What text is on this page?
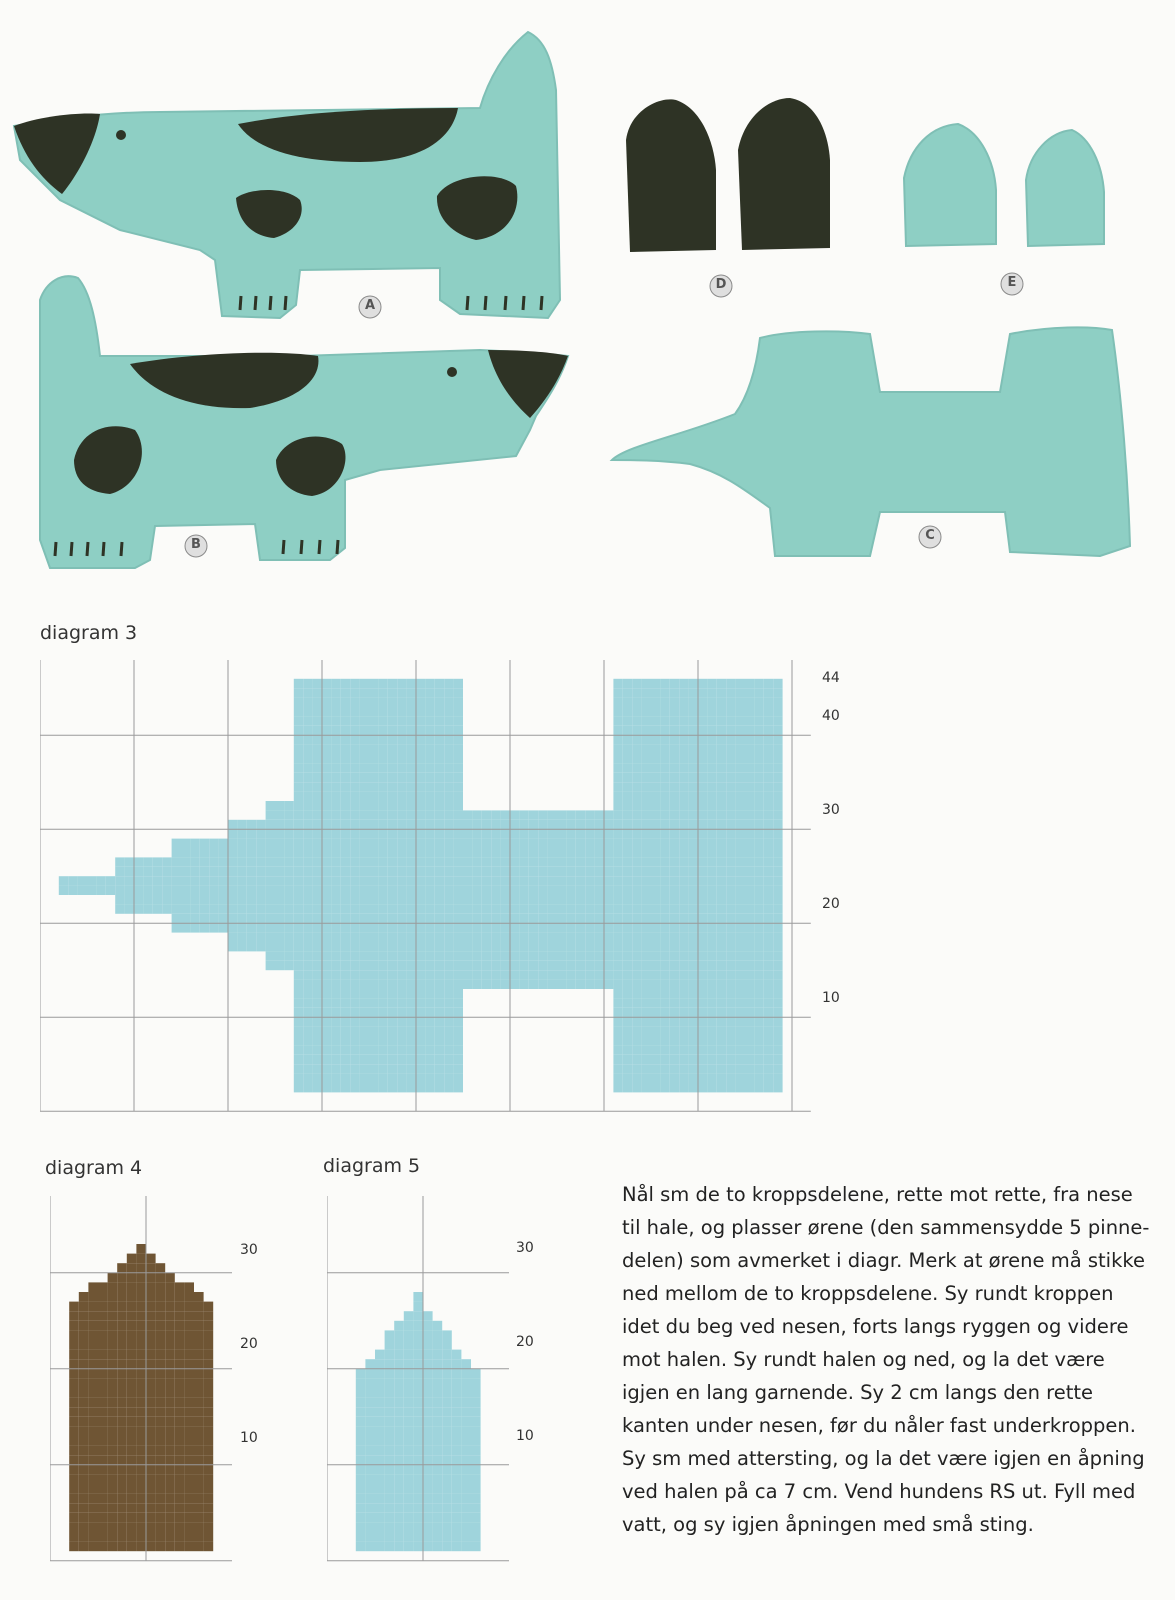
A
B
C
D	E
diagram 3
44
40
30
20
10
diagram 4
30
20
10
diagram 5
30
20
10

Nål sm de to kroppsdelene, rette mot rette, fra nese
til hale, og plasser ørene (den sammensydde 5 pinne-
delen) som avmerket i diagr. Merk at ørene må stikke
ned mellom de to kroppsdelene. Sy rundt kroppen
idet du beg ved nesen, forts langs ryggen og videre
mot halen. Sy rundt halen og ned, og la det være
igjen en lang garnende. Sy 2 cm langs den rette
kanten under nesen, før du nåler fast underkroppen.
Sy sm med attersting, og la det være igjen en åpning
ved halen på ca 7 cm. Vend hundens RS ut. Fyll med
vatt, og sy igjen åpningen med små sting.
